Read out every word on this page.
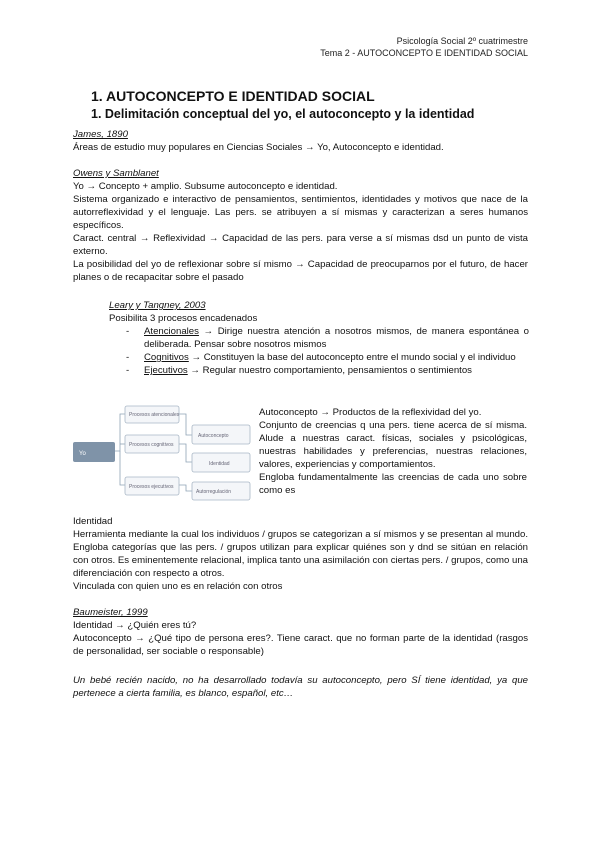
Psicología Social 2º cuatrimestre
Tema 2 - AUTOCONCEPTO E IDENTIDAD SOCIAL
1. AUTOCONCEPTO E IDENTIDAD SOCIAL
1. Delimitación conceptual del yo, el autoconcepto y la identidad
James, 1890
Áreas de estudio muy populares en Ciencias Sociales → Yo, Autoconcepto e identidad.
Owens y Samblanet

Yo → Concepto + amplio. Subsume autoconcepto e identidad.

Sistema organizado e interactivo de pensamientos, sentimientos, identidades y motivos que nace de la autorreflexividad y el lenguaje. Las pers. se atribuyen a sí mismas y caracterizan a seres humanos específicos.

Caract. central → Reflexividad → Capacidad de las pers. para verse a sí mismas dsd un punto de vista externo.

La posibilidad del yo de reflexionar sobre sí mismo → Capacidad de preocuparnos por el futuro, de hacer planes o de recapacitar sobre el pasado

Leary y Tangney, 2003
Posibilita 3 procesos encadenados
- Atencionales → Dirige nuestra atención a nosotros mismos, de manera espontánea o deliberada. Pensar sobre nosotros mismos
- Cognitivos → Constituyen la base del autoconcepto entre el mundo social y el individuo
- Ejecutivos → Regular nuestro comportamiento, pensamientos o sentimientos
Yo
Procesos atencionales
Procesos cognitivos
Procesos ejecutivos
Autoconcepto
Identidad
Autorregulación

Autoconcepto → Productos de la reflexividad del yo.

Conjunto de creencias q una pers. tiene acerca de sí misma. Alude a nuestras caract. físicas, sociales y psicológicas, nuestras habilidades y preferencias, nuestras relaciones, valores, experiencias y comportamientos.

Engloba fundamentalmente las creencias de cada uno sobre como es

Identidad

Herramienta mediante la cual los individuos / grupos se categorizan a sí mismos y se presentan al mundo. Engloba categorías que las pers. / grupos utilizan para explicar quiénes son y dnd se sitúan en relación con otros. Es eminentemente relacional, implica tanto una asimilación con ciertas pers. / grupos, como una diferenciación con respecto a otros.

Vinculada con quien uno es en relación con otros

Baumeister, 1999

Identidad → ¿Quién eres tú?

Autoconcepto → ¿Qué tipo de persona eres?. Tiene caract. que no forman parte de la identidad (rasgos de personalidad, ser sociable o responsable)

Un bebé recién nacido, no ha desarrollado todavía su autoconcepto, pero SÍ tiene identidad, ya que pertenece a cierta familia, es blanco, español, etc…
